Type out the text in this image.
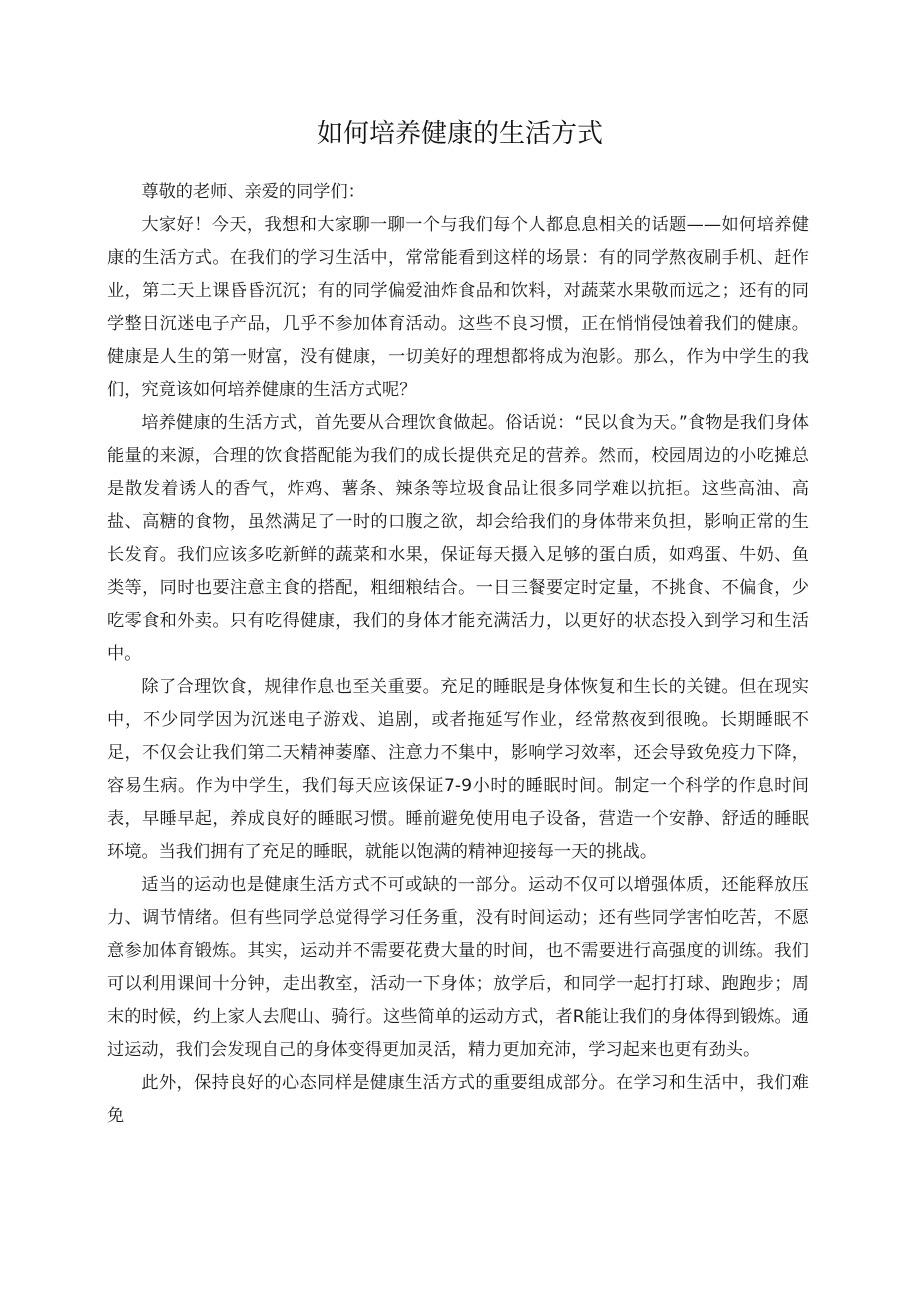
如何培养健康的生活方式

尊敬的老师、亲爱的同学们：

大家好！今天，我想和大家聊一聊一个与我们每个人都息息相关的话题——如何培养健康的生活方式。在我们的学习生活中，常常能看到这样的场景：有的同学熬夜刷手机、赶作业，第二天上课昏昏沉沉；有的同学偏爱油炸食品和饮料，对蔬菜水果敬而远之；还有的同学整日沉迷电子产品，几乎不参加体育活动。这些不良习惯，正在悄悄侵蚀着我们的健康。健康是人生的第一财富，没有健康，一切美好的理想都将成为泡影。那么，作为中学生的我们，究竟该如何培养健康的生活方式呢？

培养健康的生活方式，首先要从合理饮食做起。俗话说：“民以食为天。”食物是我们身体能量的来源，合理的饮食搭配能为我们的成长提供充足的营养。然而，校园周边的小吃摊总是散发着诱人的香气，炸鸡、薯条、辣条等垃圾食品让很多同学难以抗拒。这些高油、高盐、高糖的食物，虽然满足了一时的口腹之欲，却会给我们的身体带来负担，影响正常的生长发育。我们应该多吃新鲜的蔬菜和水果，保证每天摄入足够的蛋白质，如鸡蛋、牛奶、鱼类等，同时也要注意主食的搭配，粗细粮结合。一日三餐要定时定量，不挑食、不偏食，少吃零食和外卖。只有吃得健康，我们的身体才能充满活力，以更好的状态投入到学习和生活中。

除了合理饮食，规律作息也至关重要。充足的睡眠是身体恢复和生长的关键。但在现实中，不少同学因为沉迷电子游戏、追剧，或者拖延写作业，经常熬夜到很晚。长期睡眠不足，不仅会让我们第二天精神萎靡、注意力不集中，影响学习效率，还会导致免疫力下降，容易生病。作为中学生，我们每天应该保证7-9小时的睡眠时间。制定一个科学的作息时间表，早睡早起，养成良好的睡眠习惯。睡前避免使用电子设备，营造一个安静、舒适的睡眠环境。当我们拥有了充足的睡眠，就能以饱满的精神迎接每一天的挑战。

适当的运动也是健康生活方式不可或缺的一部分。运动不仅可以增强体质，还能释放压力、调节情绪。但有些同学总觉得学习任务重，没有时间运动；还有些同学害怕吃苦，不愿意参加体育锻炼。其实，运动并不需要花费大量的时间，也不需要进行高强度的训练。我们可以利用课间十分钟，走出教室，活动一下身体；放学后，和同学一起打打球、跑跑步；周末的时候，约上家人去爬山、骑行。这些简单的运动方式，者R能让我们的身体得到锻炼。通过运动，我们会发现自己的身体变得更加灵活，精力更加充沛，学习起来也更有劲头。

此外，保持良好的心态同样是健康生活方式的重要组成部分。在学习和生活中，我们难免
